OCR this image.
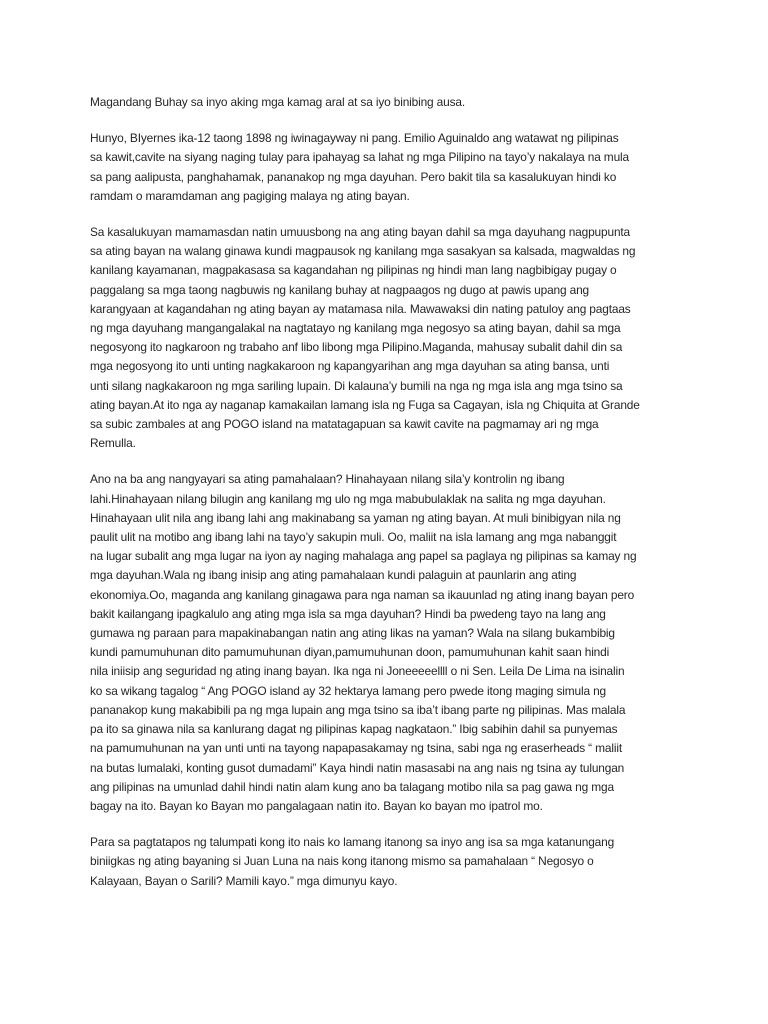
Magandang Buhay sa inyo aking mga kamag aral at sa iyo binibing ausa.
Hunyo, BIyernes ika-12 taong 1898 ng iwinagayway ni pang. Emilio Aguinaldo ang watawat ng pilipinas
sa kawit,cavite na siyang naging tulay para ipahayag sa lahat ng mga Pilipino na tayo’y nakalaya na mula
sa pang aalipusta, panghahamak, pananakop ng mga dayuhan. Pero bakit tila sa kasalukuyan hindi ko
ramdam o maramdaman ang pagiging malaya ng ating bayan.
Sa kasalukuyan mamamasdan natin umuusbong na ang ating bayan dahil sa mga dayuhang nagpupunta
sa ating bayan na walang ginawa kundi magpausok ng kanilang mga sasakyan sa kalsada, magwaldas ng
kanilang kayamanan, magpakasasa sa kagandahan ng pilipinas ng hindi man lang nagbibigay pugay o
paggalang sa mga taong nagbuwis ng kanilang buhay at nagpaagos ng dugo at pawis upang ang
karangyaan at kagandahan ng ating bayan ay matamasa nila. Mawawaksi din nating patuloy ang pagtaas
ng mga dayuhang mangangalakal na nagtatayo ng kanilang mga negosyo sa ating bayan, dahil sa mga
negosyong ito nagkaroon ng trabaho anf libo libong mga Pilipino.Maganda, mahusay subalit dahil din sa
mga negosyong ito unti unting nagkakaroon ng kapangyarihan ang mga dayuhan sa ating bansa, unti
unti silang nagkakaroon ng mga sariling lupain. Di kalauna’y bumili na nga ng mga isla ang mga tsino sa
ating bayan.At ito nga ay naganap kamakailan lamang isla ng Fuga sa Cagayan, isla ng Chiquita at Grande
sa subic zambales at ang POGO island na matatagapuan sa kawit cavite na pagmamay ari ng mga
Remulla.
Ano na ba ang nangyayari sa ating pamahalaan? Hinahayaan nilang sila’y kontrolin ng ibang
lahi.Hinahayaan nilang bilugin ang kanilang mg ulo ng mga mabubulaklak na salita ng mga dayuhan.
Hinahayaan ulit nila ang ibang lahi ang makinabang sa yaman ng ating bayan. At muli binibigyan nila ng
paulit ulit na motibo ang ibang lahi na tayo’y sakupin muli. Oo, maliit na isla lamang ang mga nabanggit
na lugar subalit ang mga lugar na iyon ay naging mahalaga ang papel sa paglaya ng pilipinas sa kamay ng
mga dayuhan.Wala ng ibang inisip ang ating pamahalaan kundi palaguin at paunlarin ang ating
ekonomiya.Oo, maganda ang kanilang ginagawa para nga naman sa ikauunlad ng ating inang bayan pero
bakit kailangang ipagkalulo ang ating mga isla sa mga dayuhan? Hindi ba pwedeng tayo na lang ang
gumawa ng paraan para mapakinabangan natin ang ating likas na yaman? Wala na silang bukambibig
kundi pamumuhunan dito pamumuhunan diyan,pamumuhunan doon, pamumuhunan kahit saan hindi
nila iniisip ang seguridad ng ating inang bayan. Ika nga ni Joneeeeellll o ni Sen. Leila De Lima na isinalin
ko sa wikang tagalog “ Ang POGO island ay 32 hektarya lamang pero pwede itong maging simula ng
pananakop kung makabibili pa ng mga lupain ang mga tsino sa iba’t ibang parte ng pilipinas. Mas malala
pa ito sa ginawa nila sa kanlurang dagat ng pilipinas kapag nagkataon.” Ibig sabihin dahil sa punyemas
na pamumuhunan na yan unti unti na tayong napapasakamay ng tsina, sabi nga ng eraserheads “ maliit
na butas lumalaki, konting gusot dumadami” Kaya hindi natin masasabi na ang nais ng tsina ay tulungan
ang pilipinas na umunlad dahil hindi natin alam kung ano ba talagang motibo nila sa pag gawa ng mga
bagay na ito. Bayan ko Bayan mo pangalagaan natin ito. Bayan ko bayan mo ipatrol mo.
Para sa pagtatapos ng talumpati kong ito nais ko lamang itanong sa inyo ang isa sa mga katanungang
biniigkas ng ating bayaning si Juan Luna na nais kong itanong mismo sa pamahalaan “ Negosyo o
Kalayaan, Bayan o Sarili? Mamili kayo.” mga dimunyu kayo.
